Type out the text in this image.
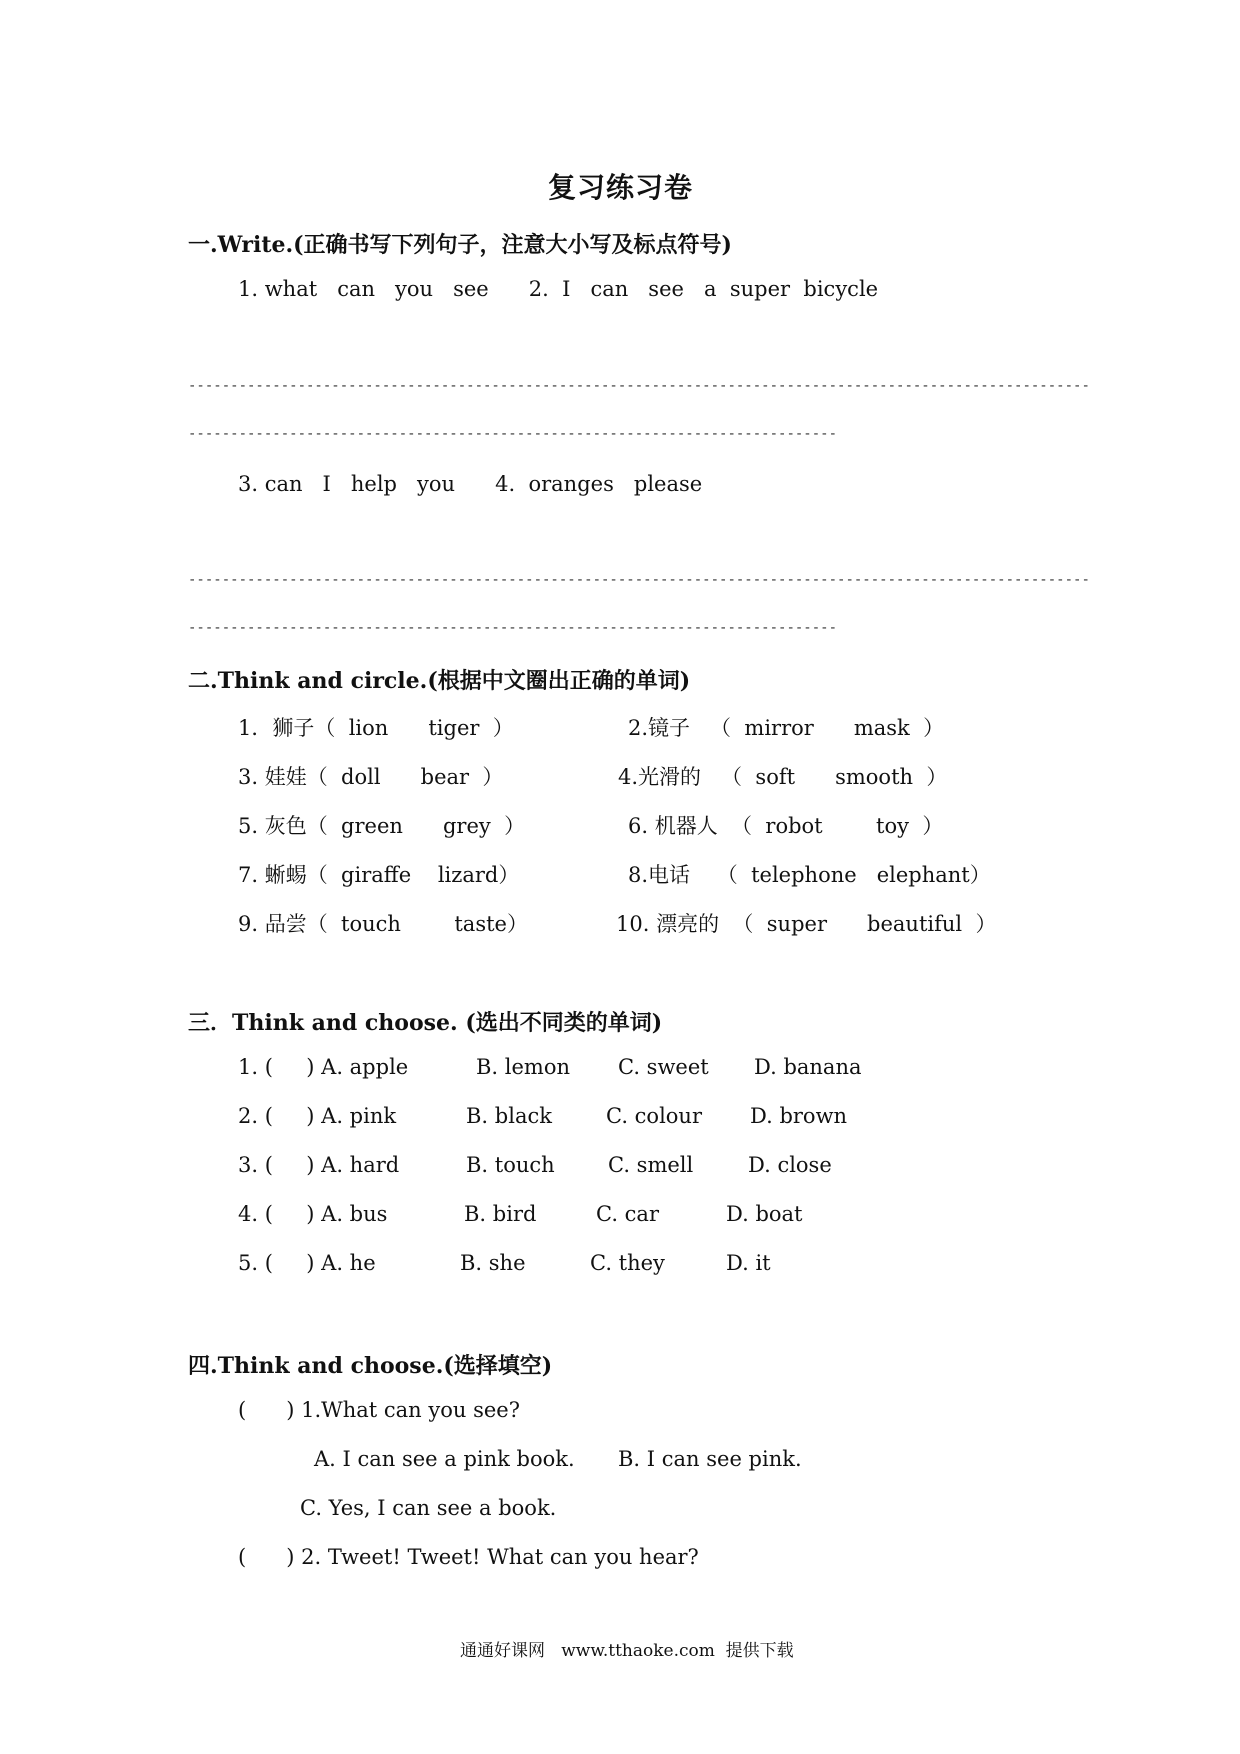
复习练习卷
一.Write.(正确书写下列句子，注意大小写及标点符号)
1. what   can   you   see      2.  I   can   see   a  super  bicycle
-----------------------------------------------------------------------------------------------------------
-----------------------------------------------------------------------------
3. can   I   help   you      4.  oranges   please
-----------------------------------------------------------------------------------------------------------
-----------------------------------------------------------------------------
二.Think and circle.(根据中文圈出正确的单词)
1．狮子（  lion      tiger  ）	2.镜子   （  mirror      mask  ）
3. 娃娃（  doll      bear  ）	4.光滑的   （  soft      smooth  ）
5. 灰色（  green      grey  ）	6. 机器人  （  robot        toy  ）
7. 蜥蜴（  giraffe    lizard）	8.电话    （  telephone   elephant）
9. 品尝（  touch        taste）	10. 漂亮的  （  super      beautiful  ）
三．Think and choose. (选出不同类的单词)
1. (     ) A. apple	B. lemon C. sweet D. banana
2. (     ) A. pink	B. black	C. colour D. brown
3. (     ) A. hard	B. touch	C. smell	D. close
4. (     ) A. bus	B. bird	C. car	D. boat
5. (     ) A. he	B. she	C. they	D. it
四.Think and choose.(选择填空)
(      ) 1.What can you see?
A. I can see a pink book. B. I can see pink.
C. Yes, I can see a book.
(      ) 2. Tweet! Tweet! What can you hear?
通通好课网   www.tthaoke.com  提供下载
